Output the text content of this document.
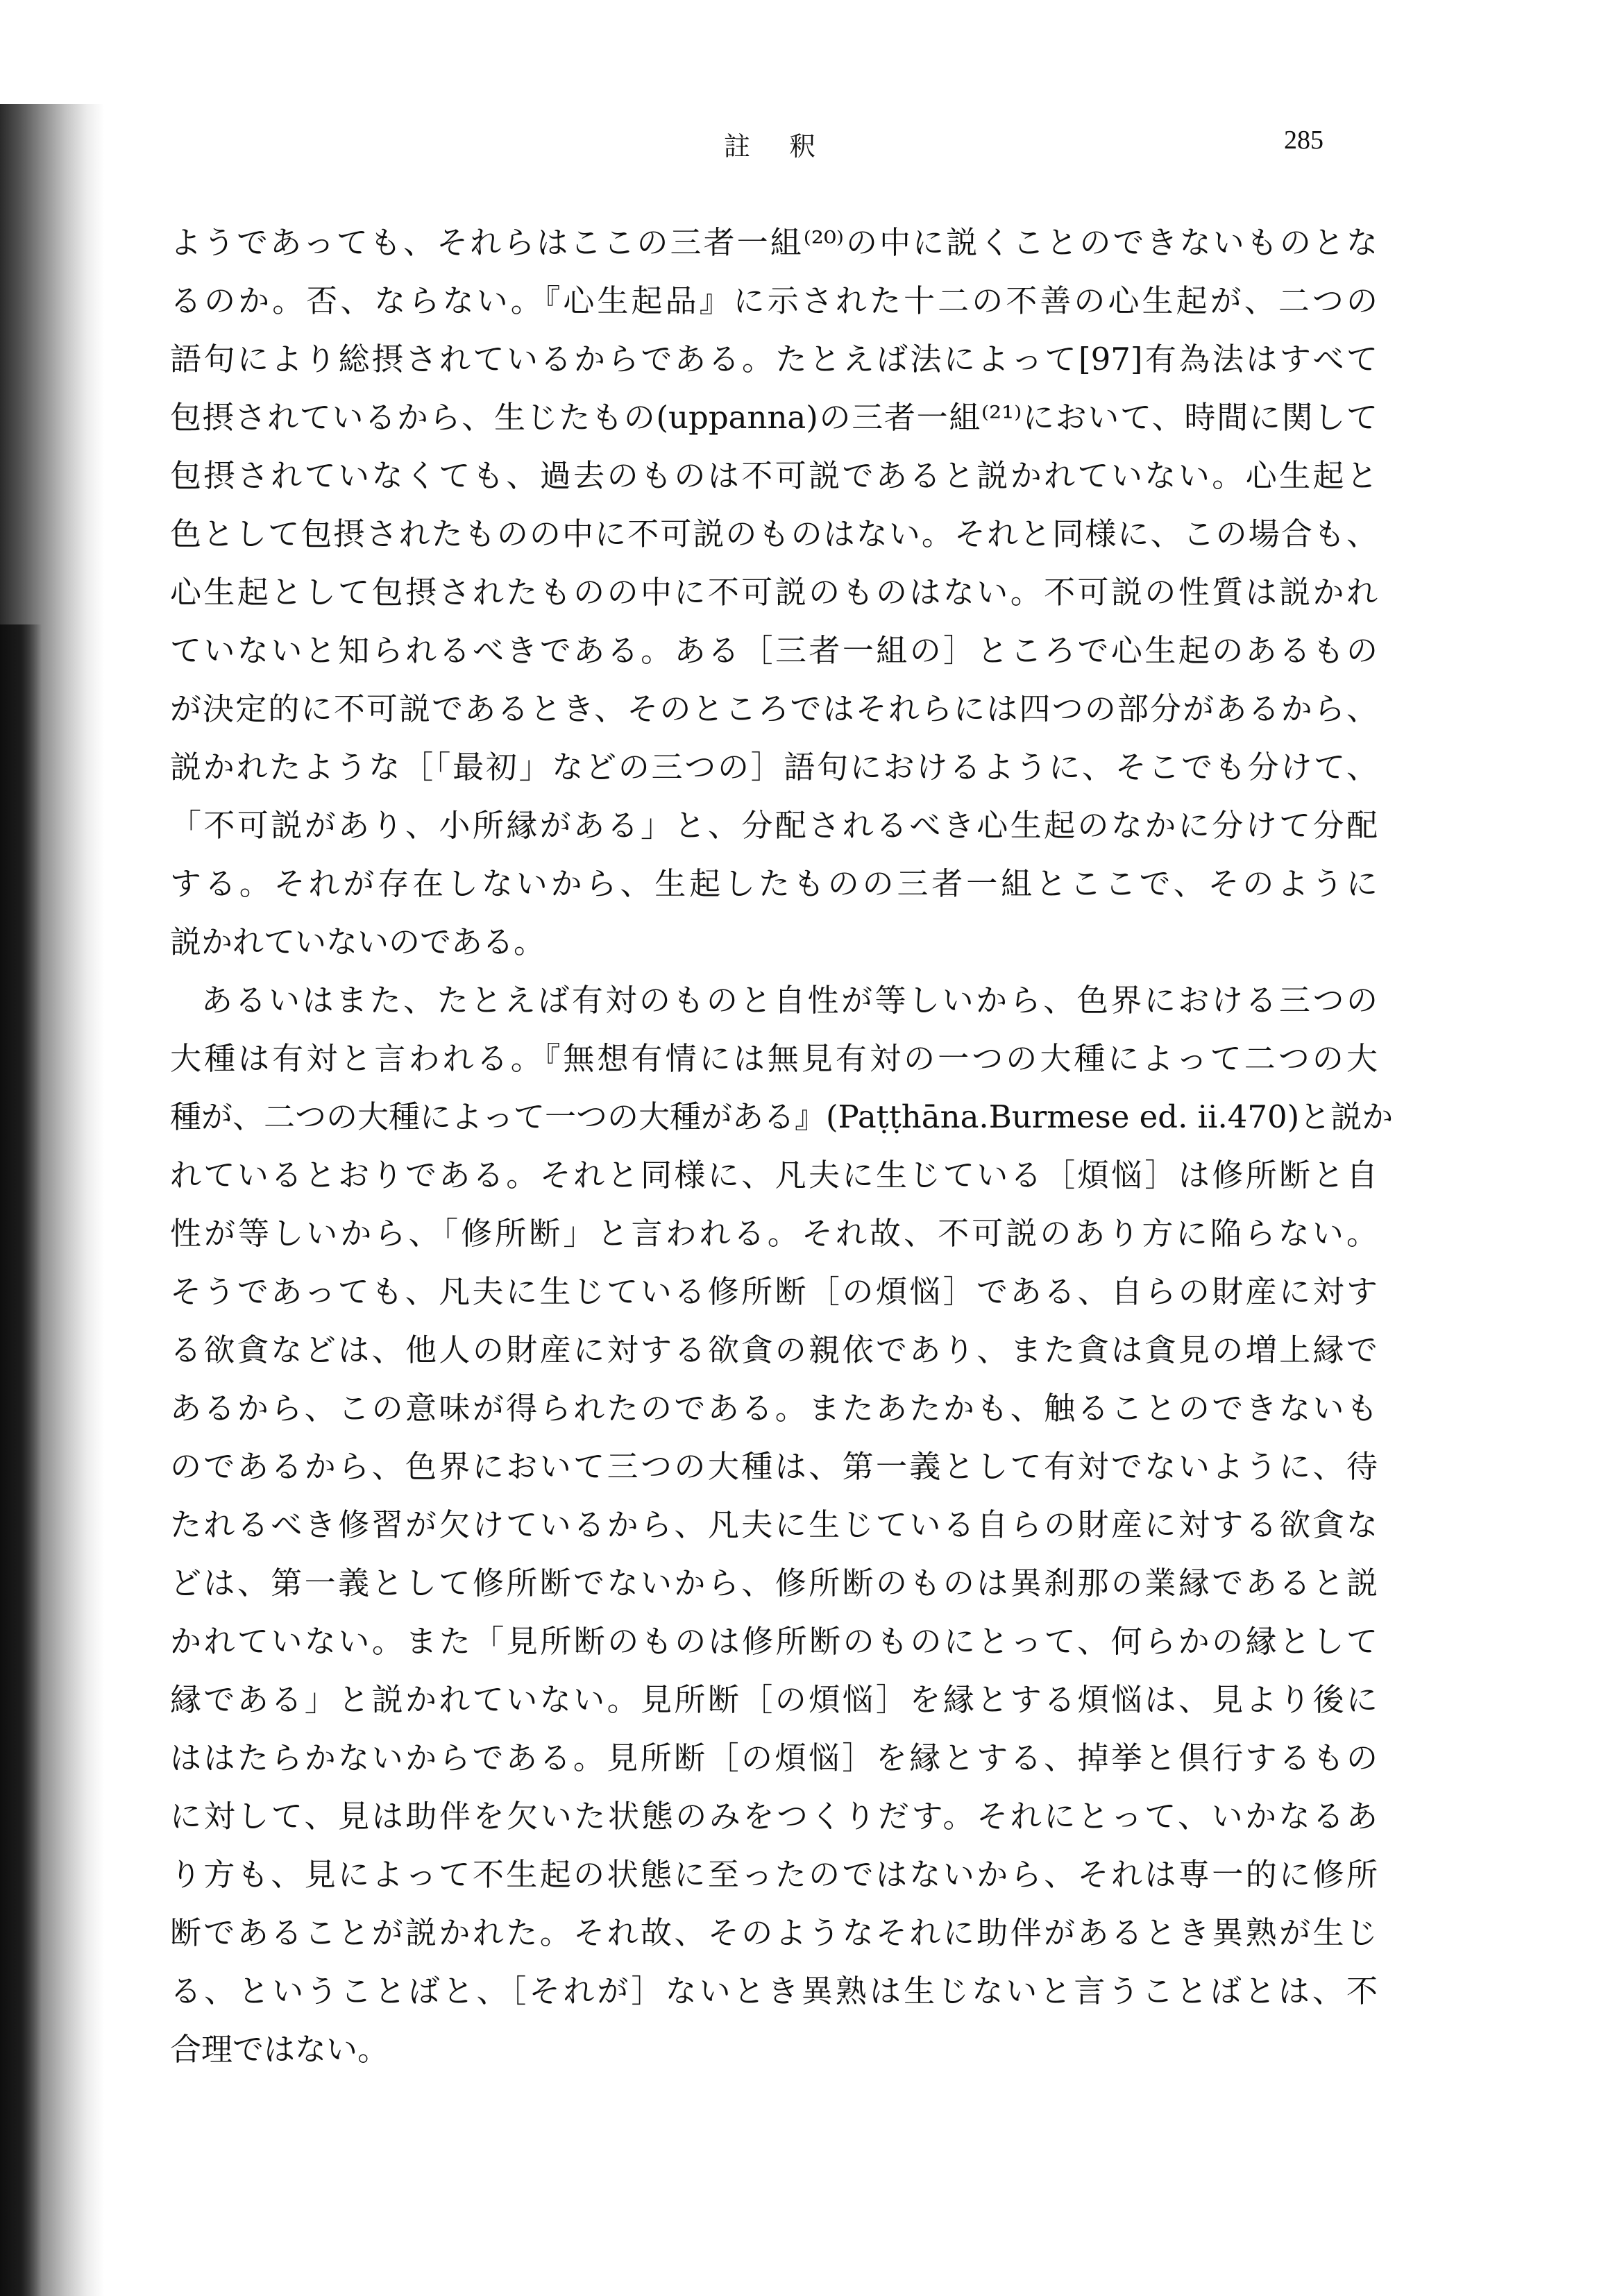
註 釈	285
ようであっても、それらはここの三者一組⁽²⁰⁾の中に説くことのできないものとな
るのか。否、ならない。『心生起品』に示された十二の不善の心生起が、二つの
語句により総摂されているからである。たとえば法によって[97]有為法はすべて
包摂されているから、生じたもの(uppanna)の三者一組⁽²¹⁾において、時間に関して
包摂されていなくても、過去のものは不可説であると説かれていない。心生起と
色として包摂されたものの中に不可説のものはない。それと同様に、この場合も、
心生起として包摂されたものの中に不可説のものはない。不可説の性質は説かれ
ていないと知られるべきである。ある［三者一組の］ところで心生起のあるもの
が決定的に不可説であるとき、そのところではそれらには四つの部分があるから、
説かれたような［「最初」などの三つの］語句におけるように、そこでも分けて、
「不可説があり、小所縁がある」と、分配されるべき心生起のなかに分けて分配
する。それが存在しないから、生起したものの三者一組とここで、そのように
説かれていないのである。
あるいはまた、たとえば有対のものと自性が等しいから、色界における三つの
大種は有対と言われる。『無想有情には無見有対の一つの大種によって二つの大
種が、二つの大種によって一つの大種がある』(Paṭṭhāna.Burmese ed. ii.470)と説か
れているとおりである。それと同様に、凡夫に生じている［煩悩］は修所断と自
性が等しいから、「修所断」と言われる。それ故、不可説のあり方に陥らない。
そうであっても、凡夫に生じている修所断［の煩悩］である、自らの財産に対す
る欲貪などは、他人の財産に対する欲貪の親依であり、また貪は貪見の増上縁で
あるから、この意味が得られたのである。またあたかも、触ることのできないも
のであるから、色界において三つの大種は、第一義として有対でないように、待
たれるべき修習が欠けているから、凡夫に生じている自らの財産に対する欲貪な
どは、第一義として修所断でないから、修所断のものは異刹那の業縁であると説
かれていない。また「見所断のものは修所断のものにとって、何らかの縁として
縁である」と説かれていない。見所断［の煩悩］を縁とする煩悩は、見より後に
ははたらかないからである。見所断［の煩悩］を縁とする、掉挙と倶行するもの
に対して、見は助伴を欠いた状態のみをつくりだす。それにとって、いかなるあ
り方も、見によって不生起の状態に至ったのではないから、それは専一的に修所
断であることが説かれた。それ故、そのようなそれに助伴があるとき異熟が生じ
る、ということばと、［それが］ないとき異熟は生じないと言うことばとは、不
合理ではない。
